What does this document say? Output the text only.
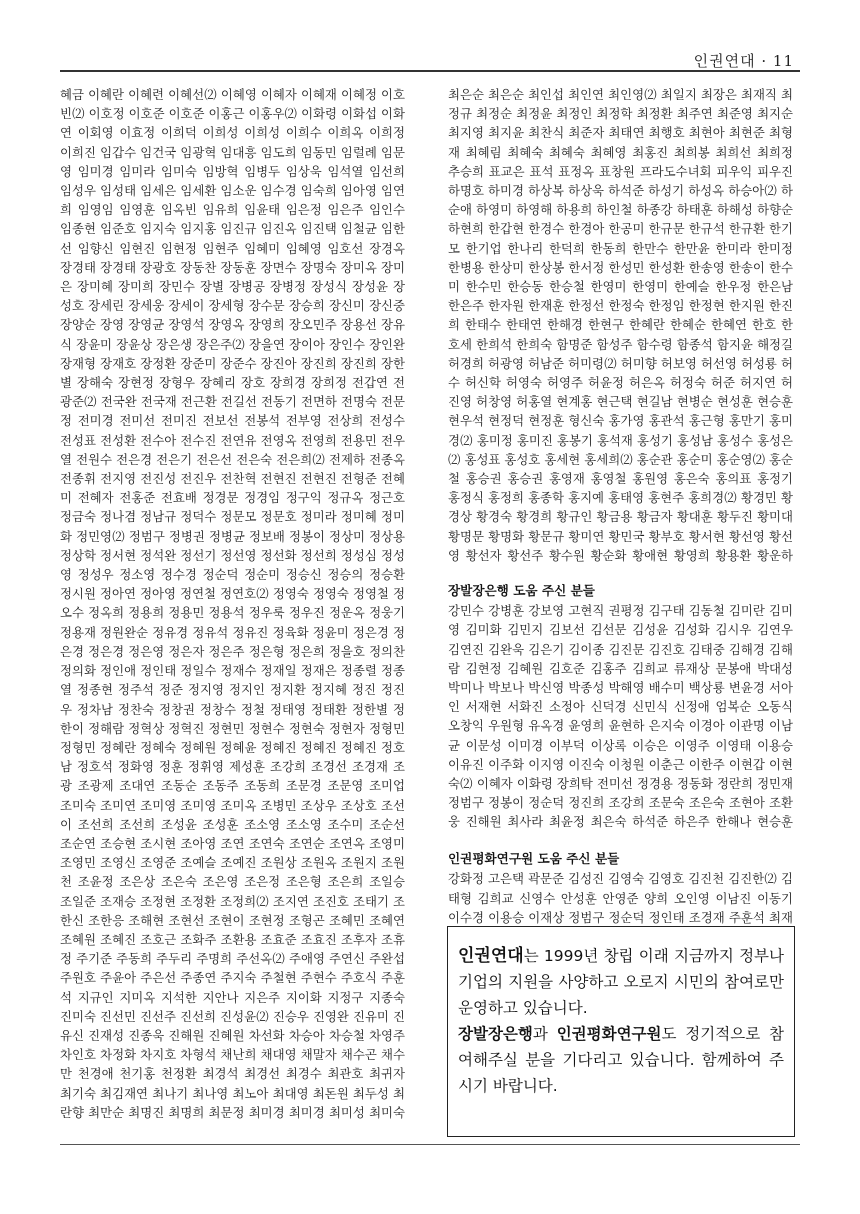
인권연대 · 11
혜금 이혜란 이혜련 이혜선⑵ 이혜영 이혜자 이혜재 이혜정 이호빈⑵ 이호정 이호준 이호준 이홍근 이홍우⑵ 이화령 이화섭 이화연 이회영 이효정 이희덕 이희성 이희성 이희수 이희옥 이희정 이희진 임갑수 임건국 임광혁 임대흥 임도희 임동민 임럴례 임문영 임미경 임미라 임미숙 임방혁 임병두 임상욱 임석열 임선희 임성우 임성태 임세은 임세환 임소운 임수경 임숙희 임아영 임연희 임영임 임영훈 임옥빈 임유희 임윤태 임은정 임은주 임인수 임종현 임준호 임지숙 임지홍 임진규 임진옥 임진택 임철균 임한선 임향신 임현진 임현정 임현주 임혜미 임혜영 임호선 장경옥 장경태 장경태 장광호 장동찬 장동훈 장면수 장명숙 장미옥 장미은 장미혜 장미희 장민수 장별 장병공 장병정 장성식 장성윤 장성호 장세린 장세웅 장세이 장세형 장수문 장승희 장신미 장신중 장양순 장영 장영균 장영석 장영옥 장영희 장오민주 장용선 장유식 장윤미 장윤상 장은생 장은주⑵ 장을연 장이아 장인수 장인완 장재형 장재호 장정환 장준미 장준수 장진아 장진희 장진희 장한별 장해숙 장현정 장형우 장혜리 장호 장희경 장희정 전갑연 전광준⑵ 전국완 전국재 전근환 전길선 전동기 전면하 전명숙 전문정 전미경 전미선 전미진 전보선 전봉석 전부영 전상희 전성수 전성표 전성환 전수아 전수진 전연유 전영옥 전영희 전용민 전우열 전원수 전은경 전은기 전은선 전은숙 전은희⑵ 전제하 전종옥 전종휘 전지영 전진성 전진우 전찬혁 전현진 전현진 전형준 전혜미 전혜자 전홍준 전효배 정경문 정경임 정구익 정규옥 정근호 정금숙 정나겸 정남규 정덕수 정문모 정문호 정미라 정미혜 정미화 정민영⑵ 정범구 정병권 정병균 정보배 정봉이 정상미 정상용 정상학 정서현 정석완 정선기 정선영 정선화 정선희 정성심 정성영 정성우 정소영 정수경 정순덕 정순미 정승신 정승의 정승환 정시원 정아연 정아영 정연철 정연호⑵ 정영숙 정영숙 정영철 정오수 정옥희 정용희 정용민 정용석 정우룩 정우진 정운옥 정웅기 정용재 정원완순 정유경 정유석 정유진 정육화 정윤미 정은경 정은경 정은경 정은영 정은자 정은주 정은형 정은희 정을호 정의찬 정의화 정인애 정인태 정일수 정재수 정재일 정재은 정종렬 정종열 정종현 정주석 정준 정지영 정지인 정지환 정지혜 정진 정진우 정차남 정찬숙 정창권 정창수 정철 정태영 정태환 정한별 정한이 정해람 정혁상 정혁진 정현민 정현수 정현숙 정현자 정형민 정형민 정혜란 정혜숙 정혜원 정혜윤 정혜진 정혜진 정혜진 정호남 정호석 정화영 정훈 정휘영 제성훈 조강희 조경선 조경재 조광 조광제 조대연 조동순 조동주 조동희 조문경 조문영 조미업 조미숙 조미연 조미영 조미영 조미옥 조병민 조상우 조상호 조선이 조선희 조선희 조성윤 조성훈 조소영 조소영 조수미 조순선 조순연 조승현 조시현 조아영 조연 조연숙 조연순 조연옥 조영미 조영민 조영신 조영준 조예슬 조예진 조원상 조원옥 조원지 조원천 조윤정 조은상 조은숙 조은영 조은정 조은형 조은희 조일승 조일준 조재승 조정현 조정환 조정희⑵ 조지연 조진호 조태기 조한신 조한응 조해현 조현선 조현이 조현정 조형곤 조혜민 조혜연 조혜원 조혜진 조호근 조화주 조환용 조효준 조효진 조후자 조휴정 주기준 주동희 주두리 주명희 주선옥⑵ 주애영 주연신 주완섭 주원호 주윤아 주은선 주종연 주지숙 주철현 주현수 주호식 주훈석 지규인 지미옥 지석한 지안나 지은주 지이화 지정구 지종숙 진미숙 진선민 진선주 진선희 진성윤⑵ 진승우 진영완 진유미 진유신 진재성 진종욱 진해원 진혜원 차선화 차승아 차승철 차영주 차인호 차정화 차지호 차형석 채난희 채대영 채말자 채수곤 채수만 천경애 천기홍 천정환 최경석 최경선 최경수 최관호 최귀자 최기숙 최김재연 최나기 최나영 최노아 최대영 최돈원 최두성 최란향 최만순 최명진 최명희 최문정 최미경 최미경 최미성 최미숙
최은순 최은순 최인섭 최인연 최인영⑵ 최일지 최장은 최재직 최정규 최정순 최정윤 최정인 최정학 최정환 최주연 최준영 최지순 최지영 최지윤 최찬식 최준자 최태연 최행호 최현아 최현준 최형재 최혜림 최혜숙 최혜숙 최혜영 최홍진 최희봉 최희선 최희정 추승희 표교은 표석 표정옥 표창원 프라도수녀회 피우익 피우진 하명호 하미경 하상복 하상욱 하석준 하성기 하성옥 하승아⑵ 하순애 하영미 하영해 하용희 하인철 하종강 하태훈 하해성 하향순 하현희 한갑현 한경수 한경아 한공미 한규문 한규석 한규환 한기모 한기업 한나리 한덕희 한동희 한만수 한만윤 한미라 한미정 한병용 한상미 한상봉 한서정 한성민 한성환 한송영 한송이 한수미 한수민 한승동 한승철 한영미 한영미 한예슬 한우정 한은남 한은주 한자원 한재훈 한정선 한정숙 한정임 한정현 한지원 한진희 한태수 한태연 한해경 한현구 한혜란 한혜순 한혜연 한호 한호세 한희석 한희숙 함명준 함성주 함수령 함종석 함지윤 해정길 허경희 허광영 허남준 허미령⑵ 허미향 허보영 허선영 허성룡 허수 허신학 허영숙 허영주 허윤정 허은옥 허정숙 허준 허지연 허진영 허창영 허홍열 현계홍 현근택 현길남 현병순 현성훈 현승훈 현우석 현정덕 현정훈 형신숙 홍가영 홍관석 홍근형 홍만기 홍미경⑵ 홍미정 홍미진 홍봉기 홍석재 홍성기 홍성남 홍성수 홍성은⑵ 홍성표 홍성호 홍세현 홍세희⑵ 홍순관 홍순미 홍순영⑵ 홍순철 홍승권 홍승권 홍영재 홍영철 홍원영 홍은숙 홍의표 홍정기 홍정식 홍정희 홍종학 홍지예 홍태영 홍현주 홍희경⑵ 황경민 황경상 황경숙 황경희 황규인 황금용 황금자 황대훈 황두진 황미대 황명문 황명화 황문규 황미연 황민국 황부호 황서현 황선영 황선영 황선자 황선주 황수원 황순화 황애현 황영희 황용환 황운하
장발장은행 도움 주신 분들
강민수 강병훈 강보영 고현직 권평정 김구태 김동철 김미란 김미영 김미화 김민지 김보선 김선문 김성윤 김성화 김시우 김연우 김연진 김완욱 김은기 김이종 김진문 김진호 김태중 김해경 김해람 김현정 김혜원 김호준 김홍주 김희교 류재상 문봉애 박대성 박미나 박보나 박신영 박종성 박해영 배수미 백상룡 변윤경 서아인 서재현 서화진 소정아 신덕경 신민식 신정애 엄복순 오동식 오창익 우원형 유옥경 윤영희 윤현하 은지숙 이경아 이관명 이남균 이문성 이미경 이부덕 이상록 이승은 이영주 이영태 이용승 이유진 이주화 이지영 이진숙 이청원 이춘근 이한주 이현갑 이현숙⑵ 이혜자 이화령 장희탁 전미선 정경용 정동화 정란희 정민재 정범구 정봉이 정순덕 정진희 조강희 조문숙 조은숙 조현아 조환웅 진해원 최사라 최윤정 최은숙 하석준 하은주 한해나 현승훈
인권평화연구원 도움 주신 분들
강화정 고은택 곽문준 김성진 김영숙 김영호 김진천 김진한⑵ 김태형 김희교 신영수 안성훈 안영준 양희 오인영 이남진 이동기 이수경 이용승 이재상 정범구 정순덕 정인태 조경재 주훈석 최재
인권연대는 1999년 창립 이래 지금까지 정부나 기업의 지원을 사양하고 오로지 시민의 참여로만 운영하고 있습니다.
장발장은행과 인권평화연구원도 정기적으로 참여해주실 분을 기다리고 있습니다. 함께하여 주시기 바랍니다.
